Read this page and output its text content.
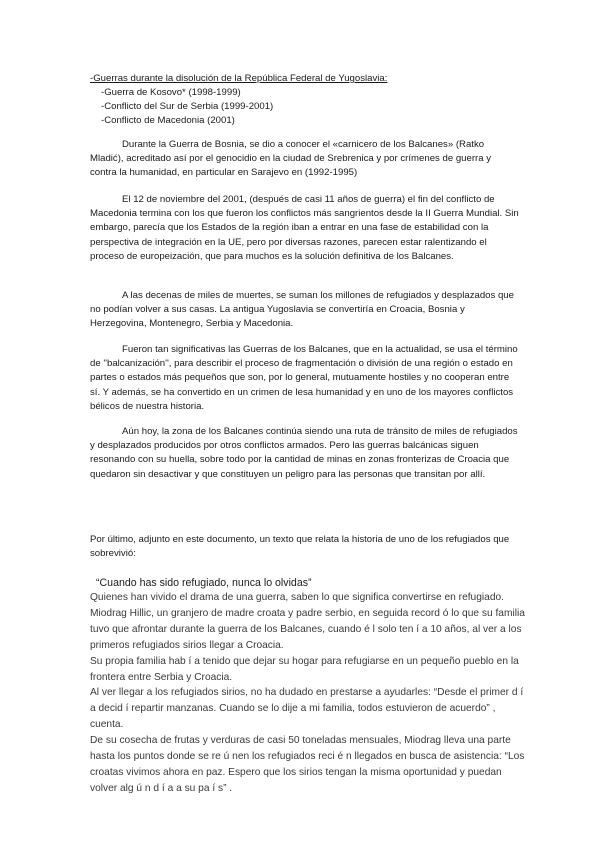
-Guerras durante la disolución de la República Federal de Yugoslavia:
-Guerra de Kosovo* (1998-1999)
-Conflicto del Sur de Serbia (1999-2001)
-Conflicto de Macedonia (2001)

Durante la Guerra de Bosnia, se dio a conocer el «carnicero de los Balcanes» (Ratko Mladić), acreditado así por el genocidio en la ciudad de Srebrenica y por crímenes de guerra y contra la humanidad, en particular en Sarajevo en (1992-1995)

El 12 de noviembre del 2001, (después de casi 11 años de guerra) el fin del conflicto de Macedonia termina con los que fueron los conflictos más sangrientos desde la II Guerra Mundial. Sin embargo, parecía que los Estados de la región iban a entrar en una fase de estabilidad con la perspectiva de integración en la UE, pero por diversas razones, parecen estar ralentizando el proceso de europeización, que para muchos es la solución definitiva de los Balcanes.

A las decenas de miles de muertes, se suman los millones de refugiados y desplazados que no podían volver a sus casas. La antigua Yugoslavia se convertiría en Croacia, Bosnia y Herzegovina, Montenegro, Serbia y Macedonia.

Fueron tan significativas las Guerras de los Balcanes, que en la actualidad, se usa el término de ''balcanización'', para describir el proceso de fragmentación o división de una región o estado en partes o estados más pequeños que son, por lo general, mutuamente hostiles y no cooperan entre sí. Y además, se ha convertido en un crimen de lesa humanidad y en uno de los mayores conflictos bélicos de nuestra historia.

Aún hoy, la zona de los Balcanes continúa siendo una ruta de tránsito de miles de refugiados y desplazados producidos por otros conflictos armados. Pero las guerras balcánicas siguen resonando con su huella, sobre todo por la cantidad de minas en zonas fronterizas de Croacia que quedaron sin desactivar y que constituyen un peligro para las personas que transitan por allí.

Por último, adjunto en este documento, un texto que relata la historia de uno de los refugiados que sobrevivió:

“Cuando has sido refugiado, nunca lo olvidas”

Quienes han vivido el drama de una guerra, saben lo que significa convertirse en refugiado. Miodrag Hillic, un granjero de madre croata y padre serbio, en seguida record ó lo que su familia tuvo que afrontar durante la guerra de los Balcanes, cuando é l solo ten í a 10 años, al ver a los primeros refugiados sirios llegar a Croacia.

Su propia familia hab í a tenido que dejar su hogar para refugiarse en un pequeño pueblo en la frontera entre Serbia y Croacia.

Al ver llegar a los refugiados sirios, no ha dudado en prestarse a ayudarles: “Desde el primer d í a decid í repartir manzanas. Cuando se lo dije a mi familia, todos estuvieron de acuerdo” , cuenta.

De su cosecha de frutas y verduras de casi 50 toneladas mensuales, Miodrag lleva una parte hasta los puntos donde se re ú nen los refugiados reci é n llegados en busca de asistencia: “Los croatas vivimos ahora en paz. Espero que los sirios tengan la misma oportunidad y puedan volver alg ú n d í a a su pa í s” .
